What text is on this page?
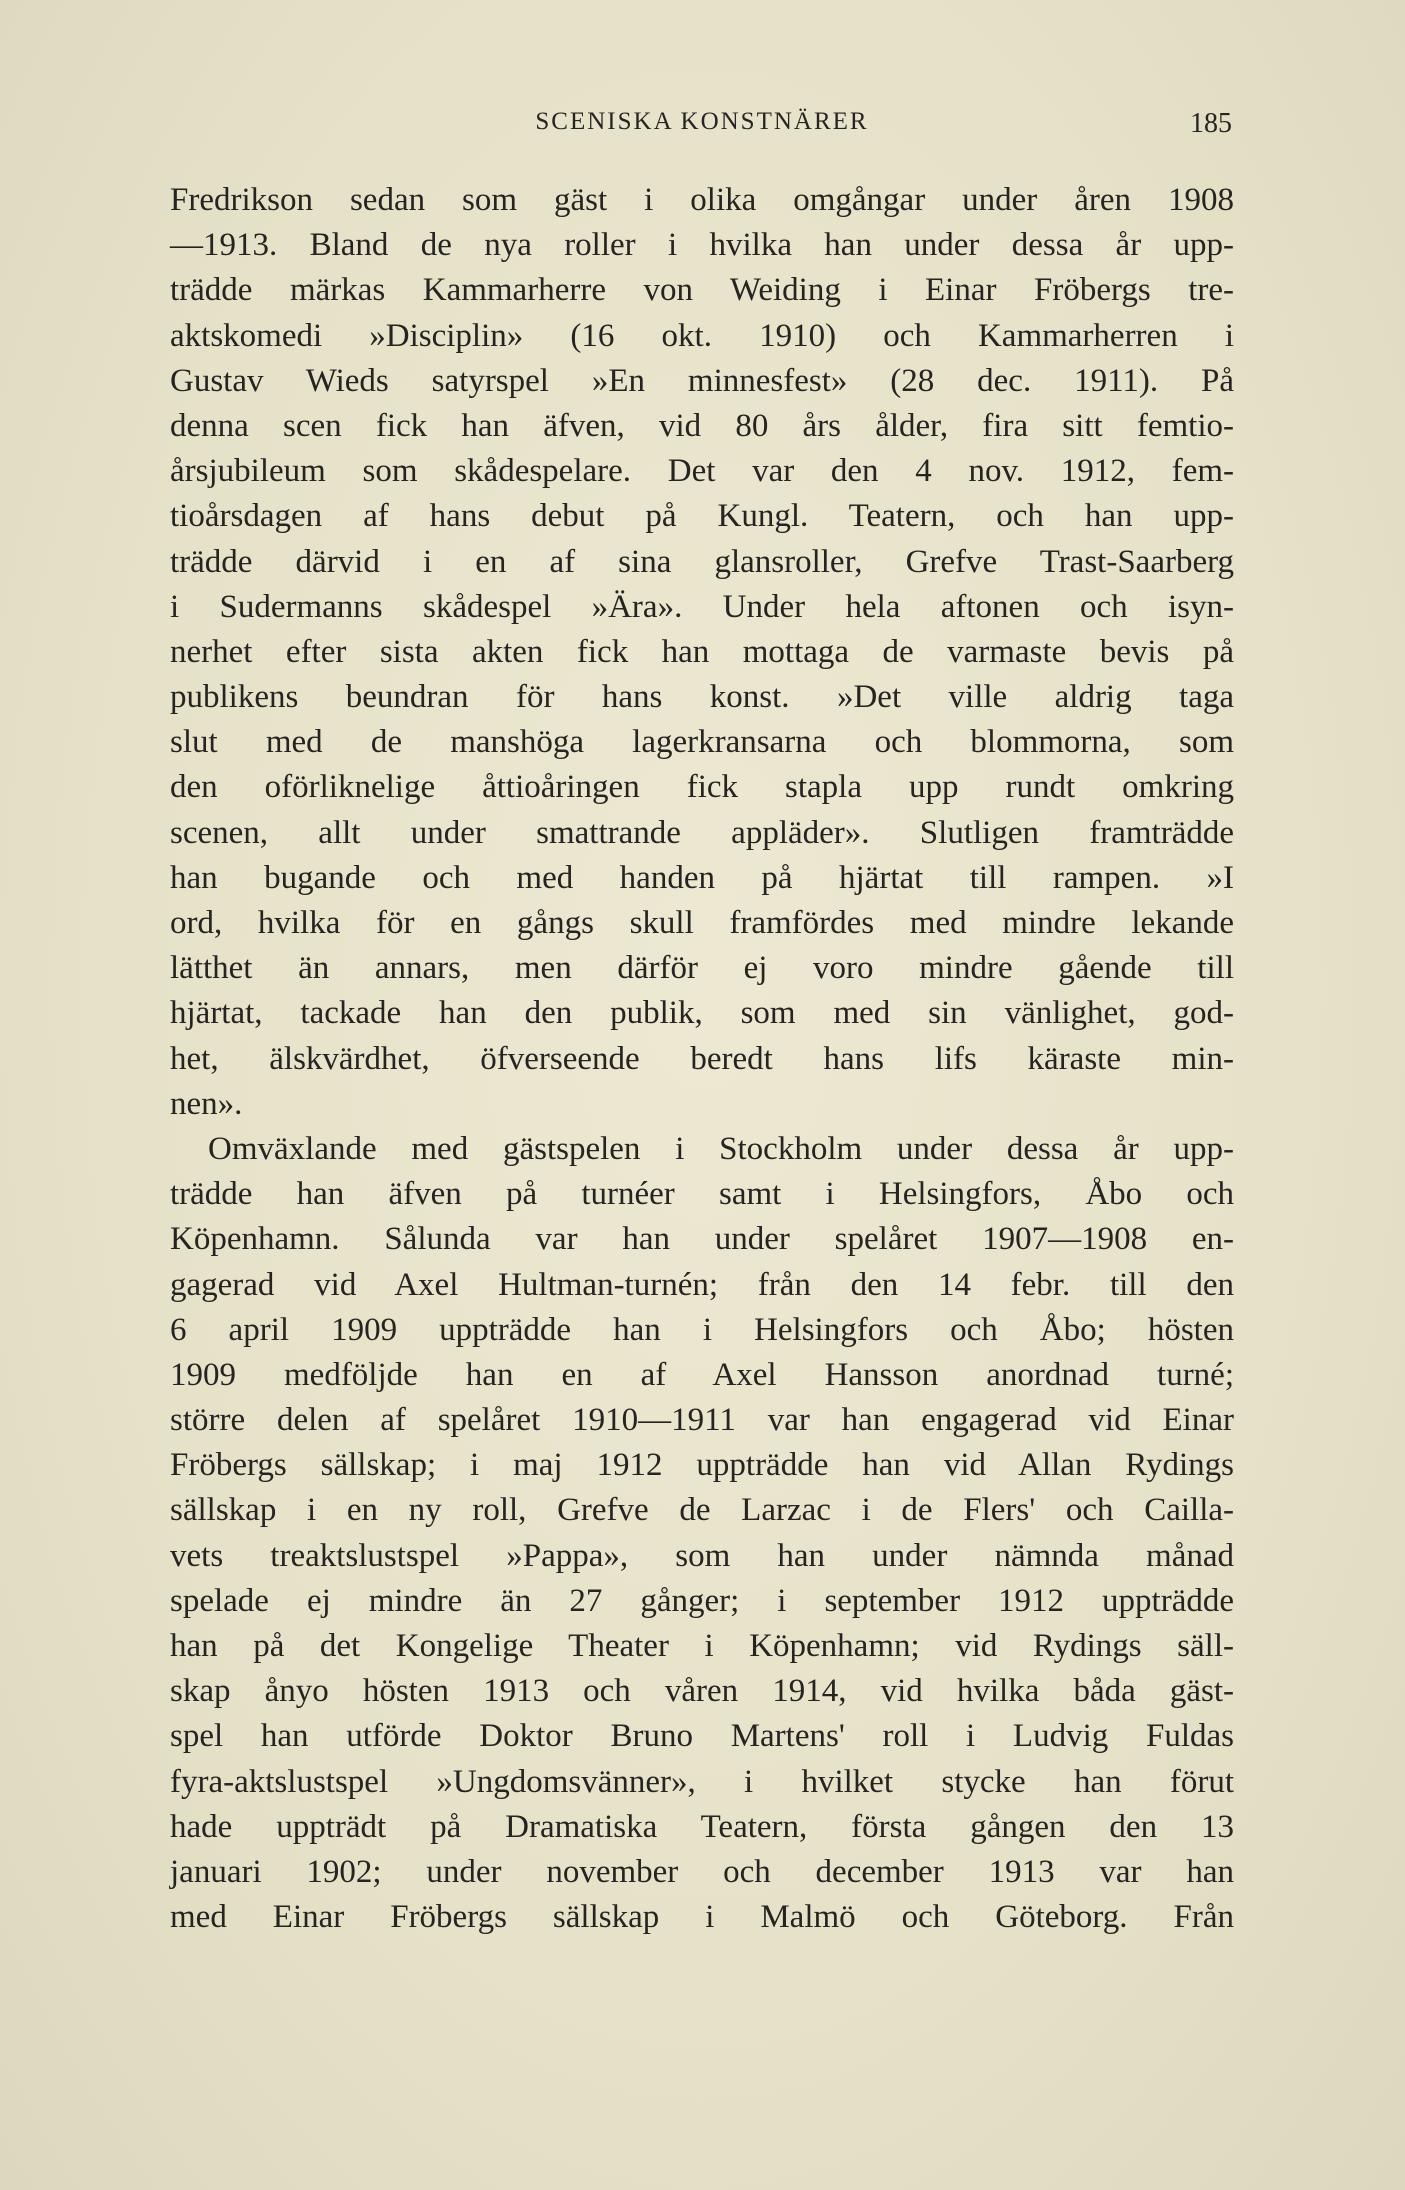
SCENISKA KONSTNÄRER	185
Fredrikson sedan som gäst i olika omgångar under åren 1908
—1913. Bland de nya roller i hvilka han under dessa år upp-
trädde märkas Kammarherre von Weiding i Einar Fröbergs tre-
aktskomedi »Disciplin» (16 okt. 1910) och Kammarherren i
Gustav Wieds satyrspel »En minnesfest» (28 dec. 1911). På
denna scen fick han äfven, vid 80 års ålder, fira sitt femtio-
årsjubileum som skådespelare. Det var den 4 nov. 1912, fem-
tioårsdagen af hans debut på Kungl. Teatern, och han upp-
trädde därvid i en af sina glansroller, Grefve Trast-Saarberg
i Sudermanns skådespel »Ära». Under hela aftonen och isyn-
nerhet efter sista akten fick han mottaga de varmaste bevis på
publikens beundran för hans konst. »Det ville aldrig taga
slut med de manshöga lagerkransarna och blommorna, som
den oförliknelige åttioåringen fick stapla upp rundt omkring
scenen, allt under smattrande appläder». Slutligen framträdde
han bugande och med handen på hjärtat till rampen. »I
ord, hvilka för en gångs skull framfördes med mindre lekande
lätthet än annars, men därför ej voro mindre gående till
hjärtat, tackade han den publik, som med sin vänlighet, god-
het, älskvärdhet, öfverseende beredt hans lifs käraste min-
nen».
Omväxlande med gästspelen i Stockholm under dessa år upp-
trädde han äfven på turnéer samt i Helsingfors, Åbo och
Köpenhamn. Sålunda var han under spelåret 1907—1908 en-
gagerad vid Axel Hultman-turnén; från den 14 febr. till den
6 april 1909 uppträdde han i Helsingfors och Åbo; hösten
1909 medföljde han en af Axel Hansson anordnad turné;
större delen af spelåret 1910—1911 var han engagerad vid Einar
Fröbergs sällskap; i maj 1912 uppträdde han vid Allan Rydings
sällskap i en ny roll, Grefve de Larzac i de Flers' och Cailla-
vets treaktslustspel »Pappa», som han under nämnda månad
spelade ej mindre än 27 gånger; i september 1912 uppträdde
han på det Kongelige Theater i Köpenhamn; vid Rydings säll-
skap ånyo hösten 1913 och våren 1914, vid hvilka båda gäst-
spel han utförde Doktor Bruno Martens' roll i Ludvig Fuldas
fyra-aktslustspel »Ungdomsvänner», i hvilket stycke han förut
hade uppträdt på Dramatiska Teatern, första gången den 13
januari 1902; under november och december 1913 var han
med Einar Fröbergs sällskap i Malmö och Göteborg. Från
